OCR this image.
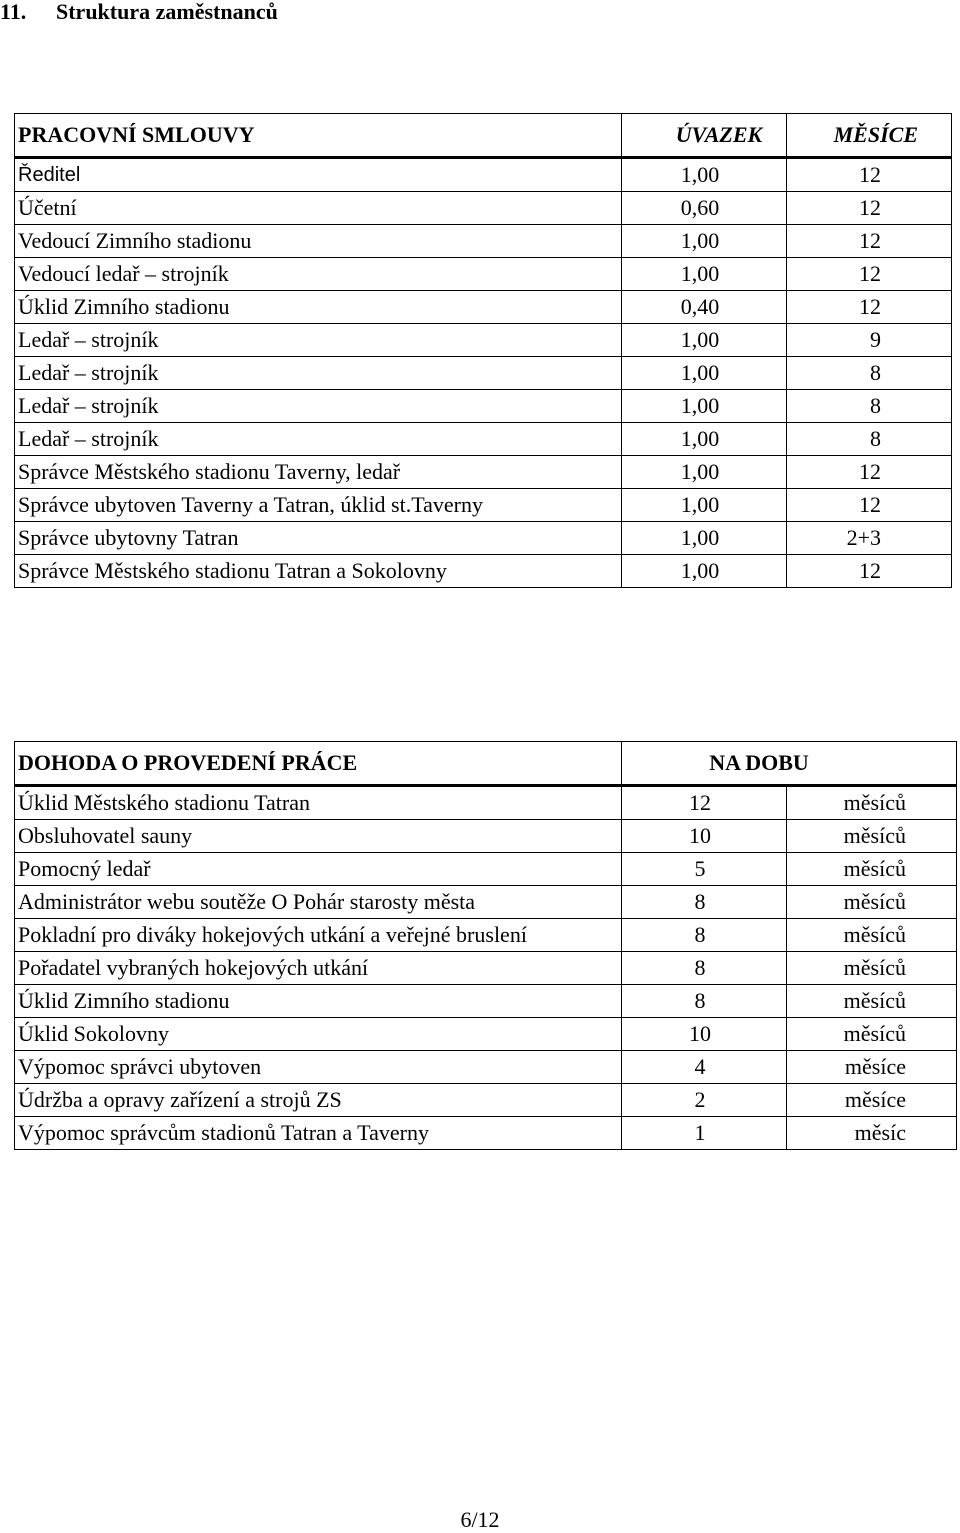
11. Struktura zaměstnanců
PRACOVNÍ SMLOUVY	ÚVAZEK	MĚSÍCE
Ředitel	1,00	12
Účetní	0,60	12
Vedoucí Zimního stadionu	1,00	12
Vedoucí ledař – strojník	1,00	12
Úklid Zimního stadionu	0,40	12
Ledař – strojník	1,00	9
Ledař – strojník	1,00	8
Ledař – strojník	1,00	8
Ledař – strojník	1,00	8
Správce Městského stadionu Taverny, ledař	1,00	12
Správce ubytoven Taverny a Tatran, úklid st.Taverny	1,00	12
Správce ubytovny Tatran	1,00	2+3
Správce Městského stadionu Tatran a Sokolovny	1,00	12
DOHODA O PROVEDENÍ PRÁCE	NA DOBU	
Úklid Městského stadionu Tatran	12	měsíců
Obsluhovatel sauny	10	měsíců
Pomocný ledař	5	měsíců
Administrátor webu soutěže O Pohár starosty města	8	měsíců
Pokladní pro diváky hokejových utkání a veřejné bruslení	8	měsíců
Pořadatel vybraných hokejových utkání	8	měsíců
Úklid Zimního stadionu	8	měsíců
Úklid Sokolovny	10	měsíců
Výpomoc správci ubytoven	4	měsíce
Údržba a opravy zařízení a strojů ZS	2	měsíce
Výpomoc správcům stadionů Tatran a Taverny	1	měsíc
6/12
